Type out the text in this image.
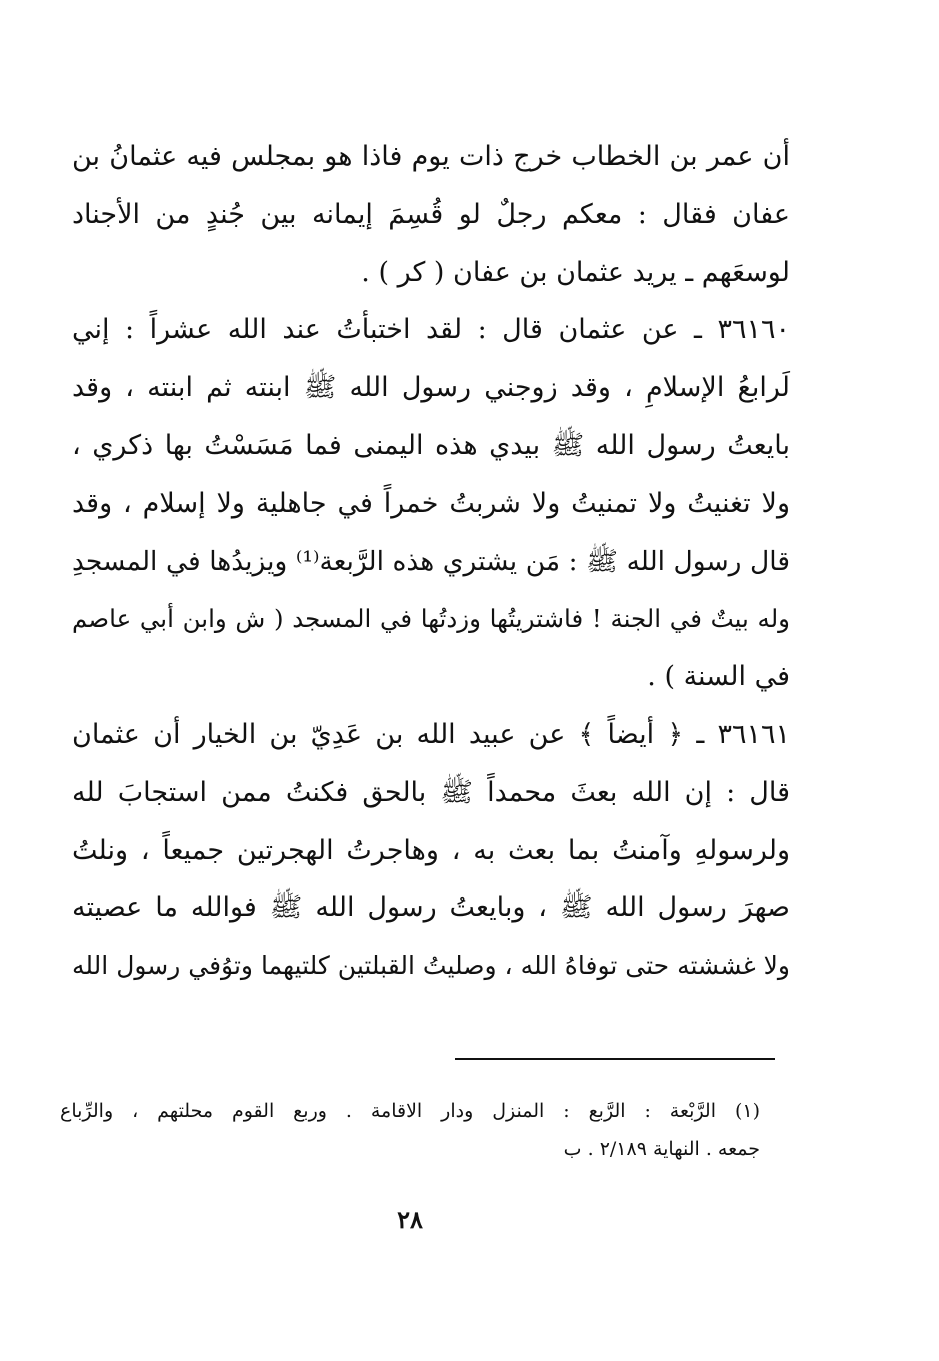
أن عمر بن الخطاب خرج ذات يوم فاذا هو بمجلس فيه عثمانُ بن
عفان فقال : معكم رجلٌ لو قُسِمَ إيمانه بين جُندٍ من الأجناد
لوسعَهم ـ يريد عثمان بن عفان ( كر ) .
٣٦١٦٠ ـ عن عثمان قال : لقد اختبأتُ عند الله عشراً : إني
لَرابعُ الإسلامِ ، وقد زوجني رسول الله ﷺ ابنته ثم ابنته ، وقد
بايعتُ رسول الله ﷺ بيدي هذه اليمنى فما مَسَسْتُ بها ذكري ،
ولا تغنيتُ ولا تمنيتُ ولا شربتُ خمراً في جاهلية ولا إسلام ، وقد
قال رسول الله ﷺ : مَن يشتري هذه الرَّبعة⁽¹⁾ ويزيدُها في المسجدِ
وله بيتٌ في الجنة ! فاشتريتُها وزدتُها في المسجد ( ش وابن أبي عاصم
في السنة ) .
٣٦١٦١ ـ ﴿ أيضاً ﴾ عن عبيد الله بن عَدِيّ بن الخيار أن عثمان
قال : إن الله بعثَ محمداً ﷺ بالحق فكنتُ ممن استجابَ لله
ولرسولهِ وآمنتُ بما بعث به ، وهاجرتُ الهجرتين جميعاً ، ونلتُ
صهرَ رسول الله ﷺ ، وبايعتُ رسول الله ﷺ فوالله ما عصيته
ولا غششته حتى توفاهُ الله ، وصليتُ القبلتين كلتيهما وتوُفي رسول الله
(١) الرَّبْعة : الرَّبع : المنزل ودار الاقامة . وربع القوم محلتهم ، والرِّباع
جمعه . النهاية ٢/١٨٩ . ب
٢٨
